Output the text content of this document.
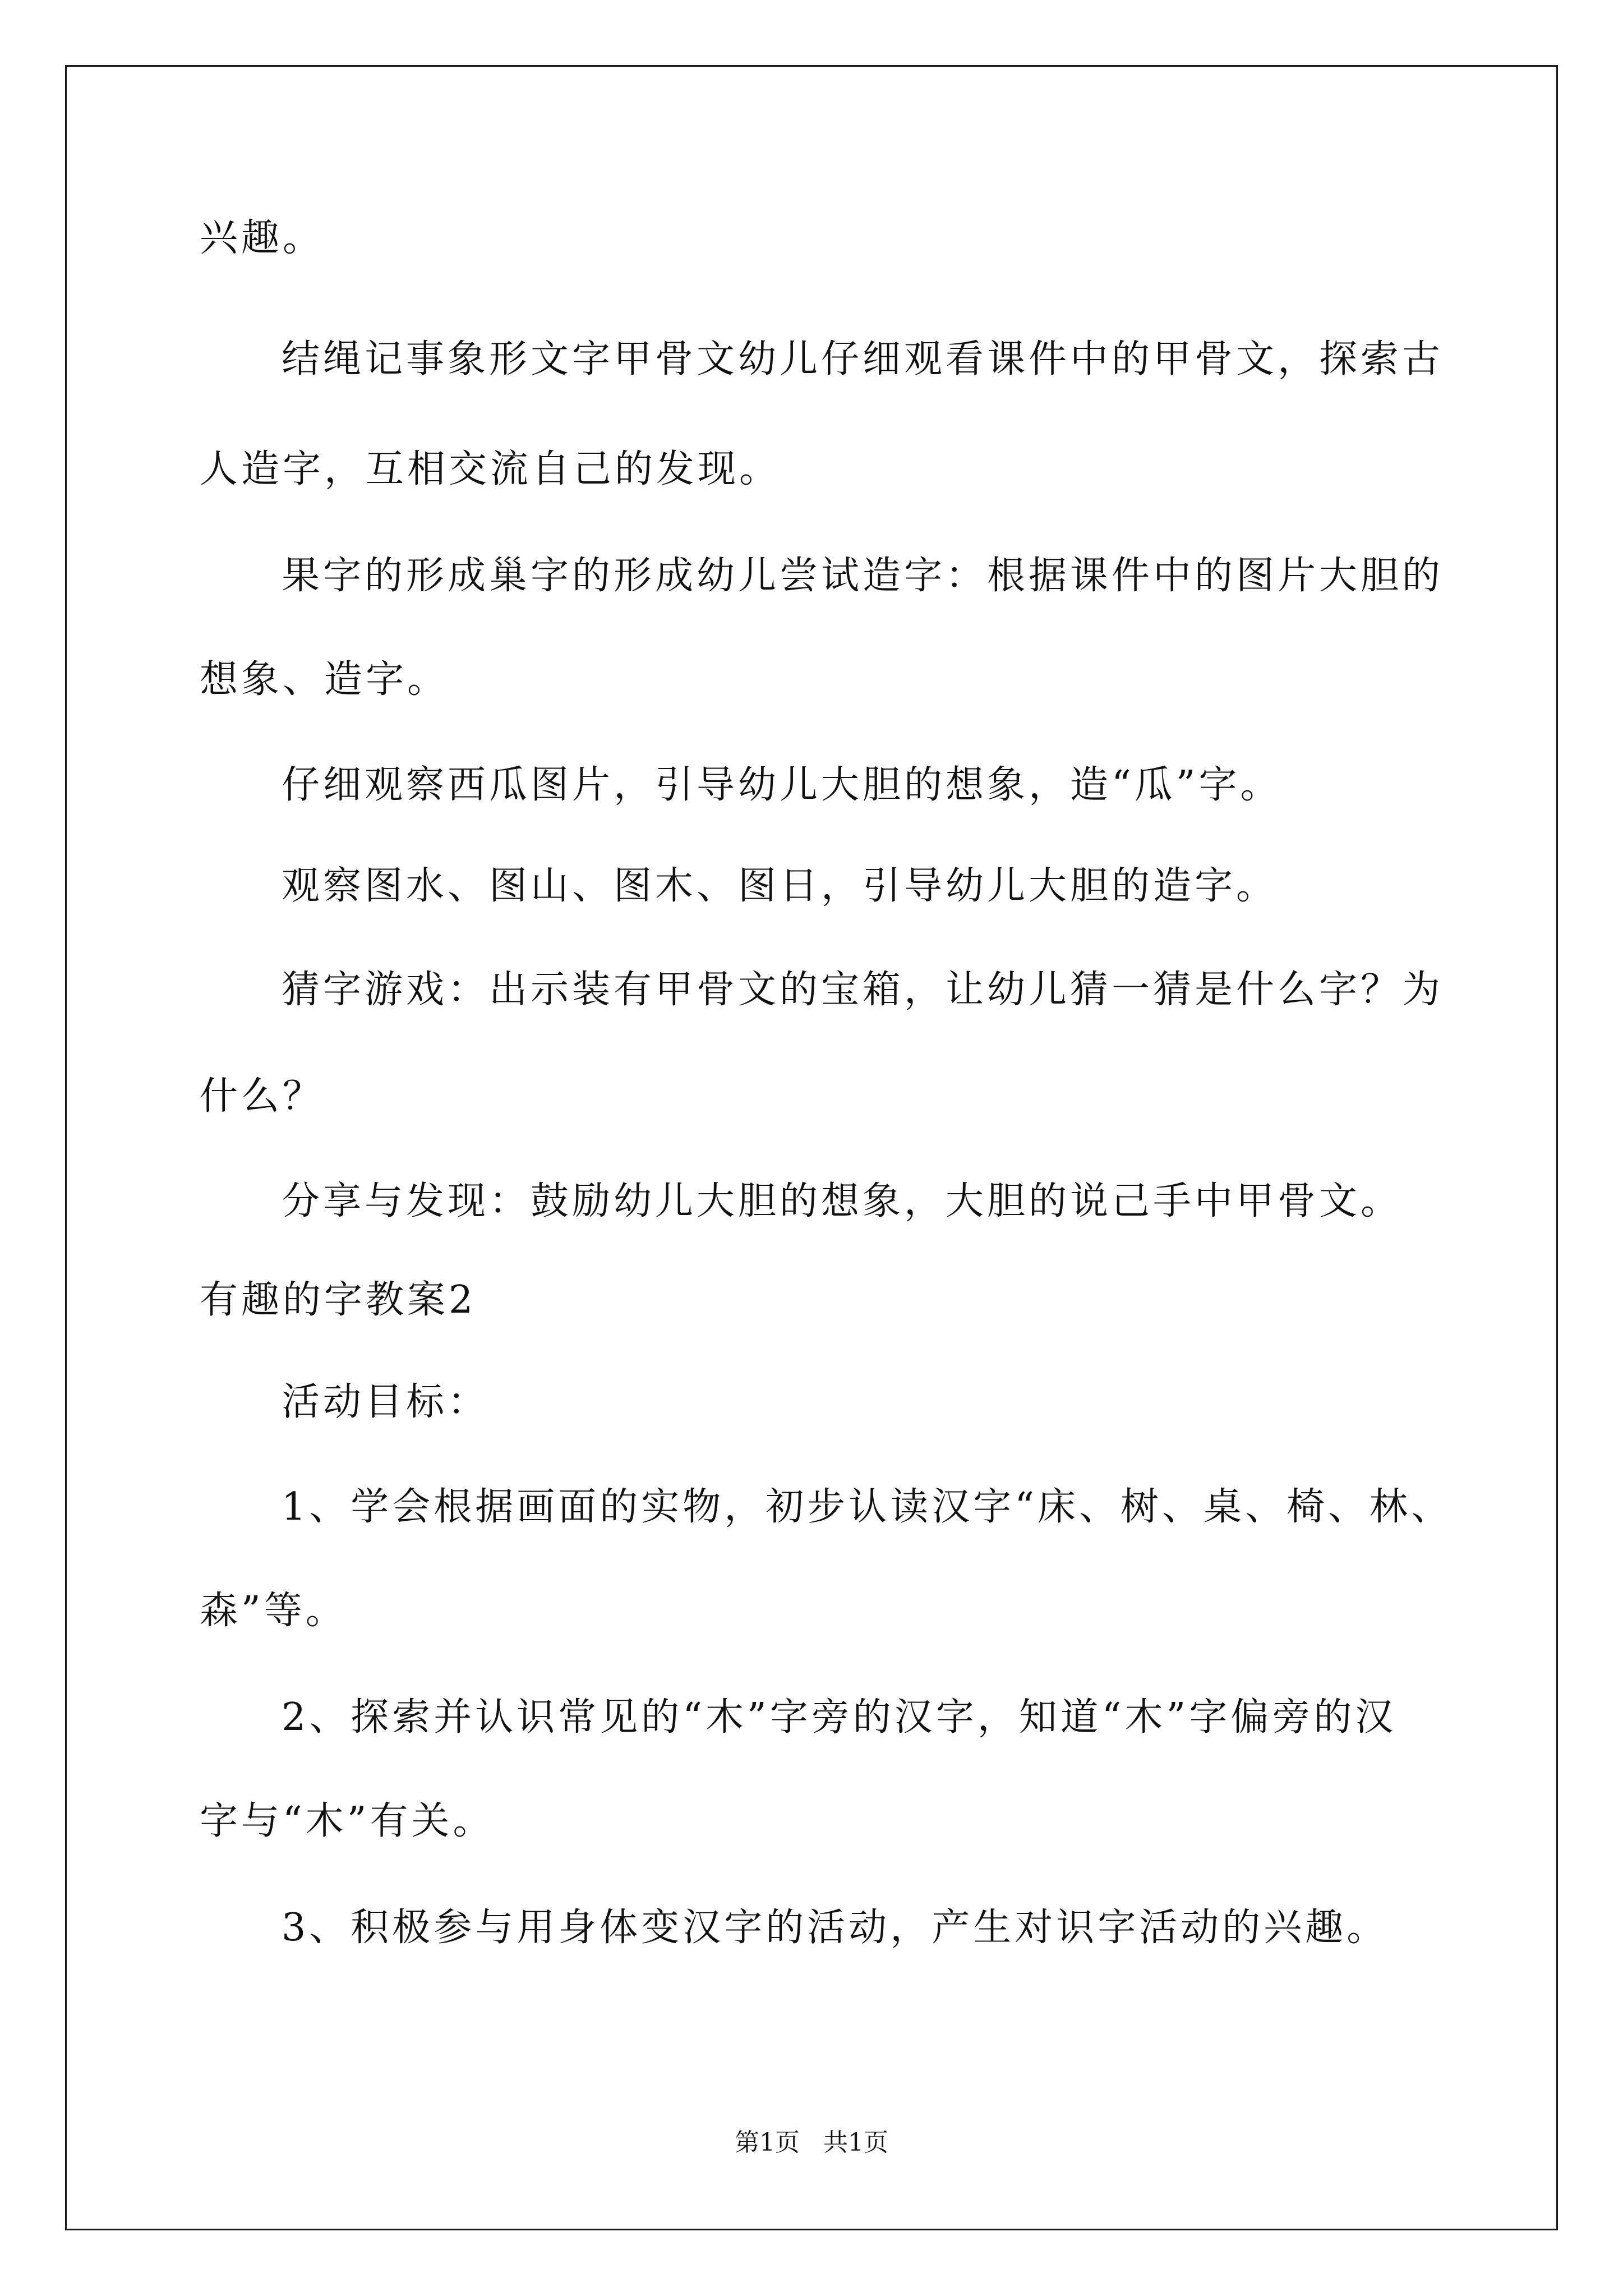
兴趣。
结绳记事象形文字甲骨文幼儿仔细观看课件中的甲骨文，探索古
人造字，互相交流自己的发现。
果字的形成巢字的形成幼儿尝试造字：根据课件中的图片大胆的
想象、造字。
仔细观察西瓜图片，引导幼儿大胆的想象，造“瓜”字。
观察图水、图山、图木、图日，引导幼儿大胆的造字。
猜字游戏：出示装有甲骨文的宝箱，让幼儿猜一猜是什么字？为
什么？
分享与发现：鼓励幼儿大胆的想象，大胆的说己手中甲骨文。
有趣的字教案2
活动目标：
1、学会根据画面的实物，初步认读汉字“床、树、桌、椅、林、
森”等。
2、探索并认识常见的“木”字旁的汉字，知道“木”字偏旁的汉
字与“木”有关。
3、积极参与用身体变汉字的活动，产生对识字活动的兴趣。
第1页 共1页
